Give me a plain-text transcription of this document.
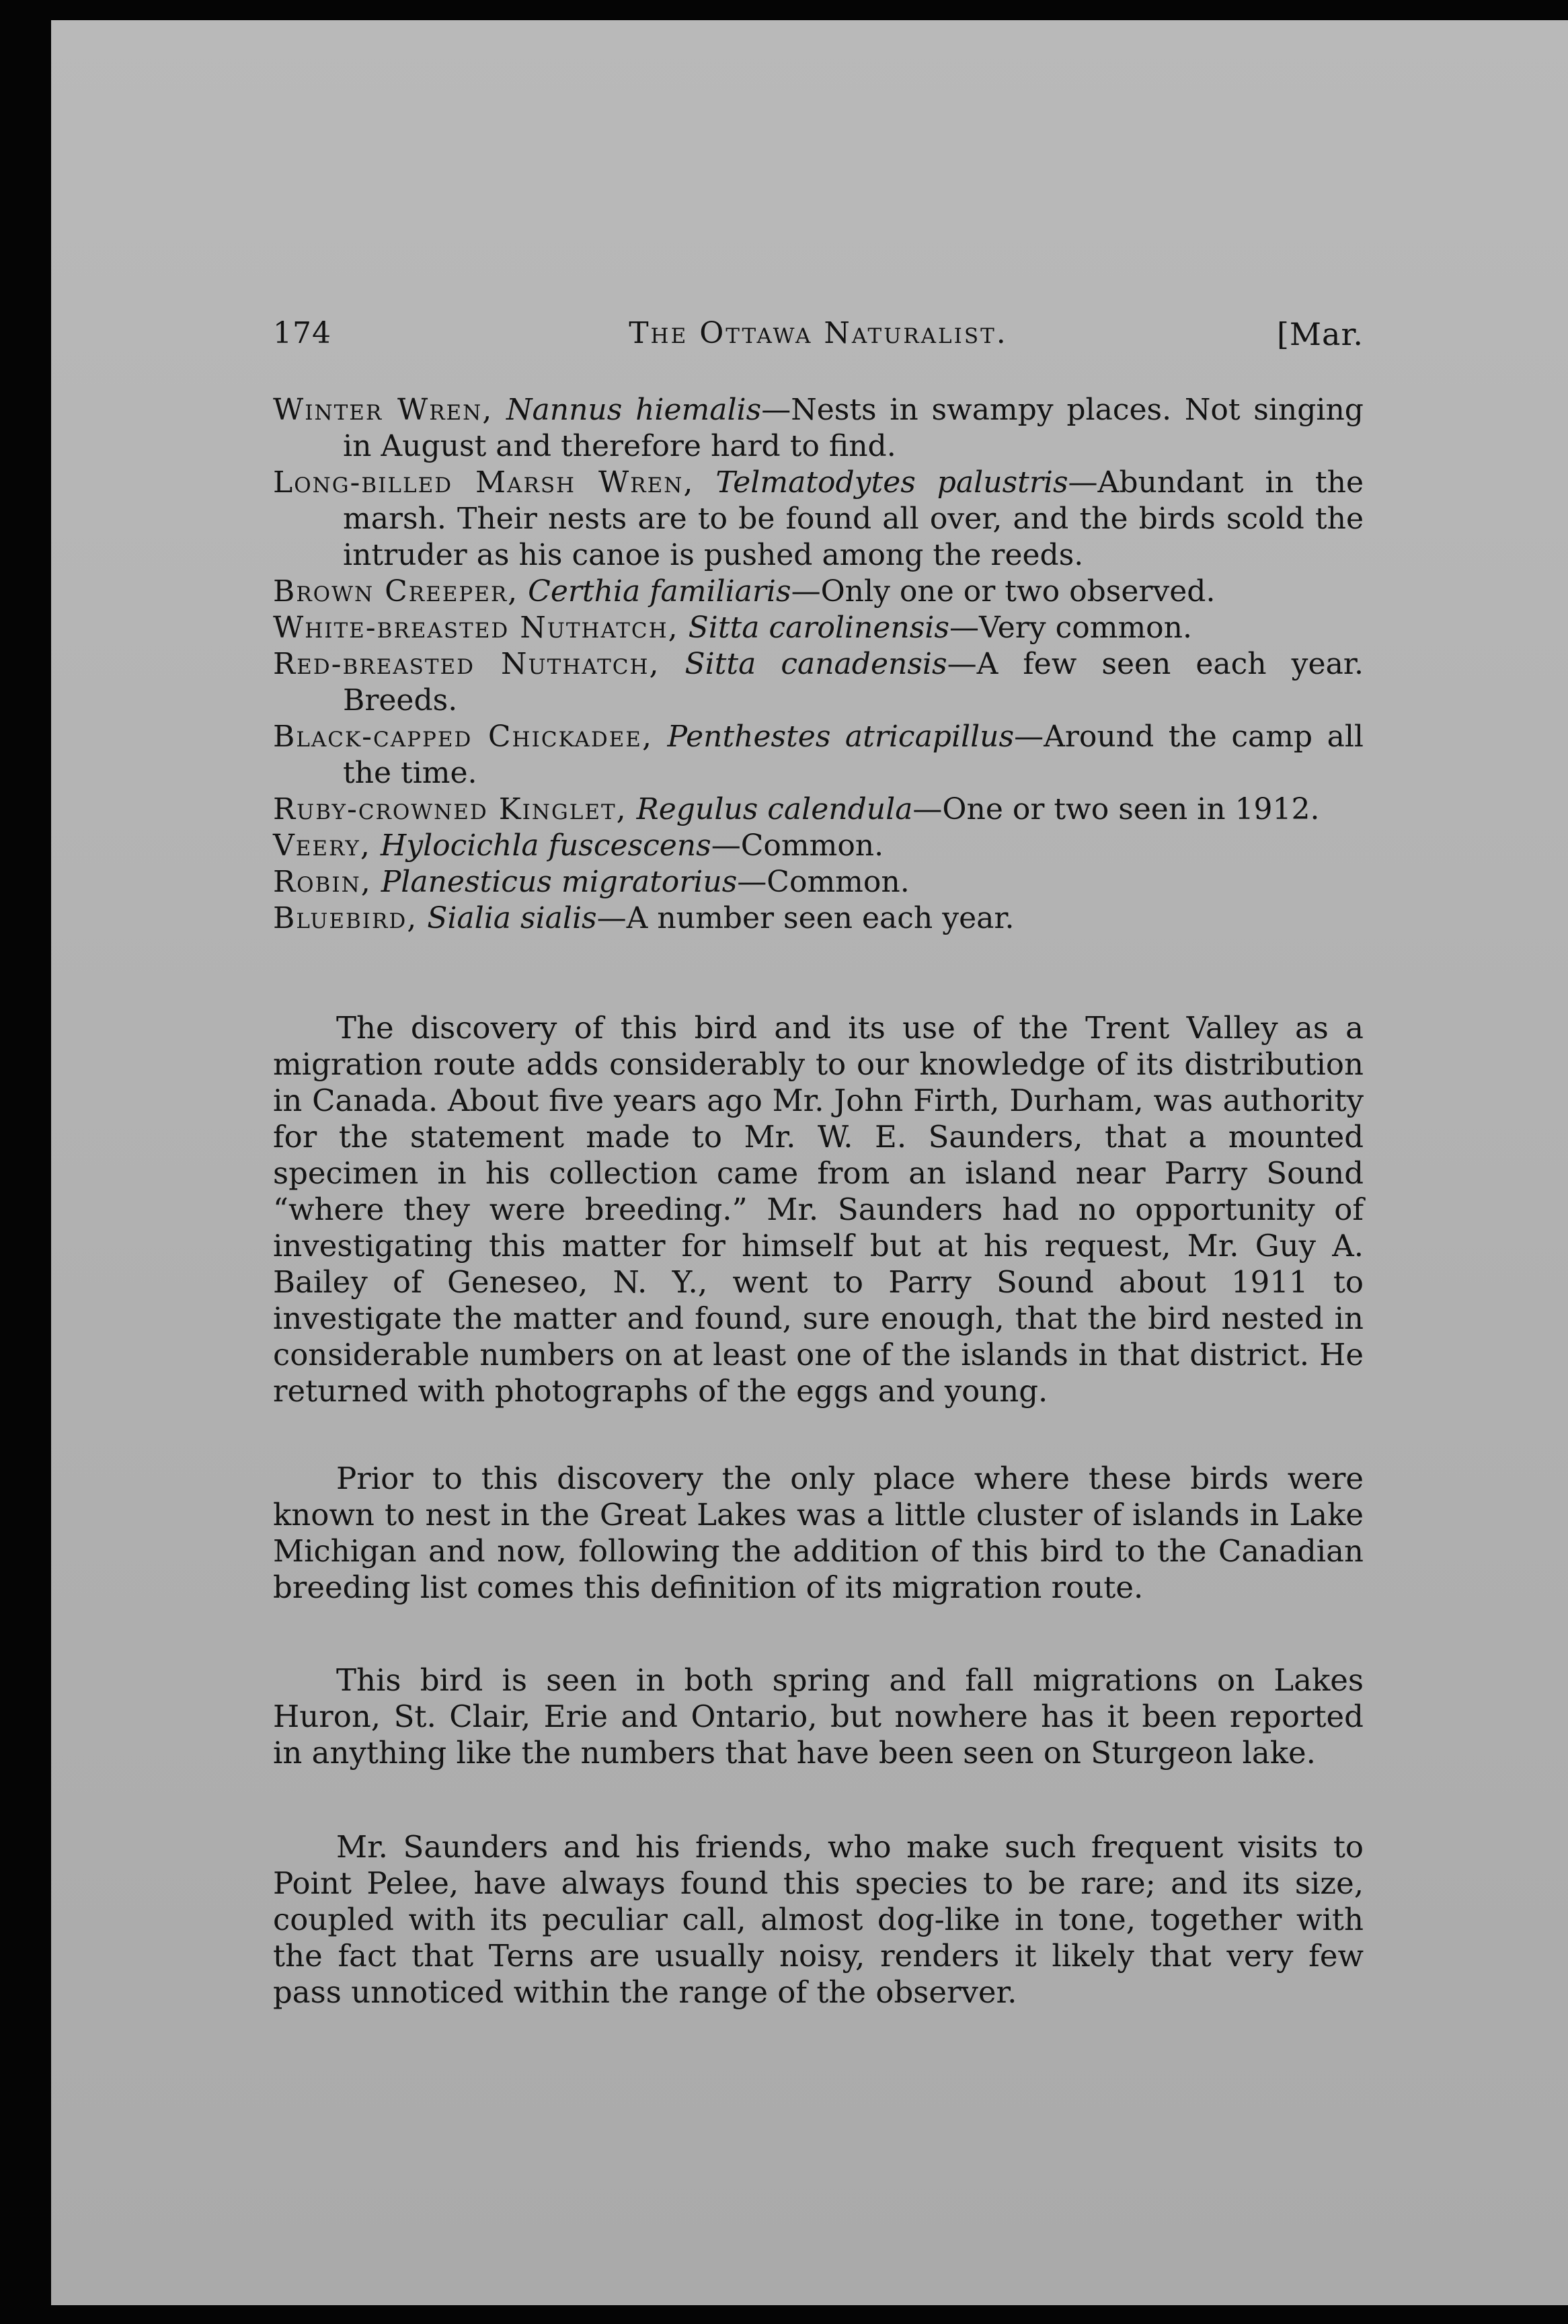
174	The Ottawa Naturalist.	[Mar.
Winter Wren, Nannus hiemalis—Nests in swampy places. Not singing in August and therefore hard to find.
Long-billed Marsh Wren, Telmatodytes palustris—Abundant in the marsh. Their nests are to be found all over, and the birds scold the intruder as his canoe is pushed among the reeds.
Brown Creeper, Certhia familiaris—Only one or two observed.
White-breasted Nuthatch, Sitta carolinensis—Very common.
Red-breasted Nuthatch, Sitta canadensis—A few seen each year. Breeds.
Black-capped Chickadee, Penthestes atricapillus—Around the camp all the time.
Ruby-crowned Kinglet, Regulus calendula—One or two seen in 1912.
Veery, Hylocichla fuscescens—Common.
Robin, Planesticus migratorius—Common.
Bluebird, Sialia sialis—A number seen each year.

The discovery of this bird and its use of the Trent Valley as a migration route adds considerably to our knowledge of its distribution in Canada. About five years ago Mr. John Firth, Durham, was authority for the statement made to Mr. W. E. Saunders, that a mounted specimen in his collection came from an island near Parry Sound “where they were breeding.” Mr. Saunders had no opportunity of investigating this matter for himself but at his request, Mr. Guy A. Bailey of Geneseo, N. Y., went to Parry Sound about 1911 to investigate the matter and found, sure enough, that the bird nested in considerable numbers on at least one of the islands in that district. He returned with photographs of the eggs and young.

Prior to this discovery the only place where these birds were known to nest in the Great Lakes was a little cluster of islands in Lake Michigan and now, following the addition of this bird to the Canadian breeding list comes this definition of its migration route.

This bird is seen in both spring and fall migrations on Lakes Huron, St. Clair, Erie and Ontario, but nowhere has it been reported in anything like the numbers that have been seen on Sturgeon lake.

Mr. Saunders and his friends, who make such frequent visits to Point Pelee, have always found this species to be rare; and its size, coupled with its peculiar call, almost dog-like in tone, together with the fact that Terns are usually noisy, renders it likely that very few pass unnoticed within the range of the observer.
